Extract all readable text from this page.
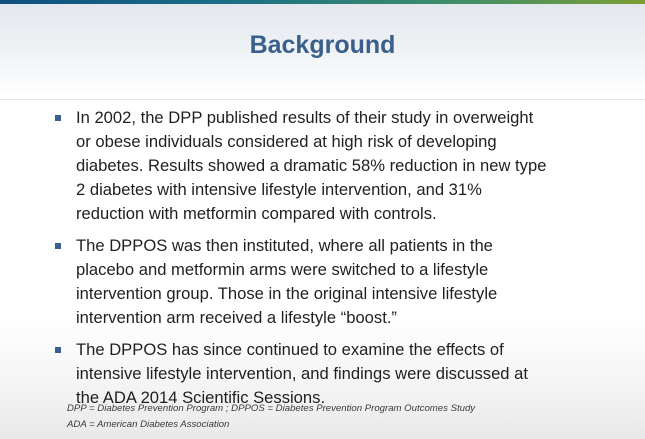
Background
In 2002, the DPP published results of their study in overweight
or obese individuals considered at high risk of developing
diabetes. Results showed a dramatic 58% reduction in new type
2 diabetes with intensive lifestyle intervention, and 31%
reduction with metformin compared with controls.
The DPPOS was then instituted, where all patients in the
placebo and metformin arms were switched to a lifestyle
intervention group. Those in the original intensive lifestyle
intervention arm received a lifestyle “boost.”
The DPPOS has since continued to examine the effects of
intensive lifestyle intervention, and findings were discussed at
the ADA 2014 Scientific Sessions.
DPP = Diabetes Prevention Program ; DPPOS = Diabetes Prevention Program Outcomes Study
ADA = American Diabetes Association
